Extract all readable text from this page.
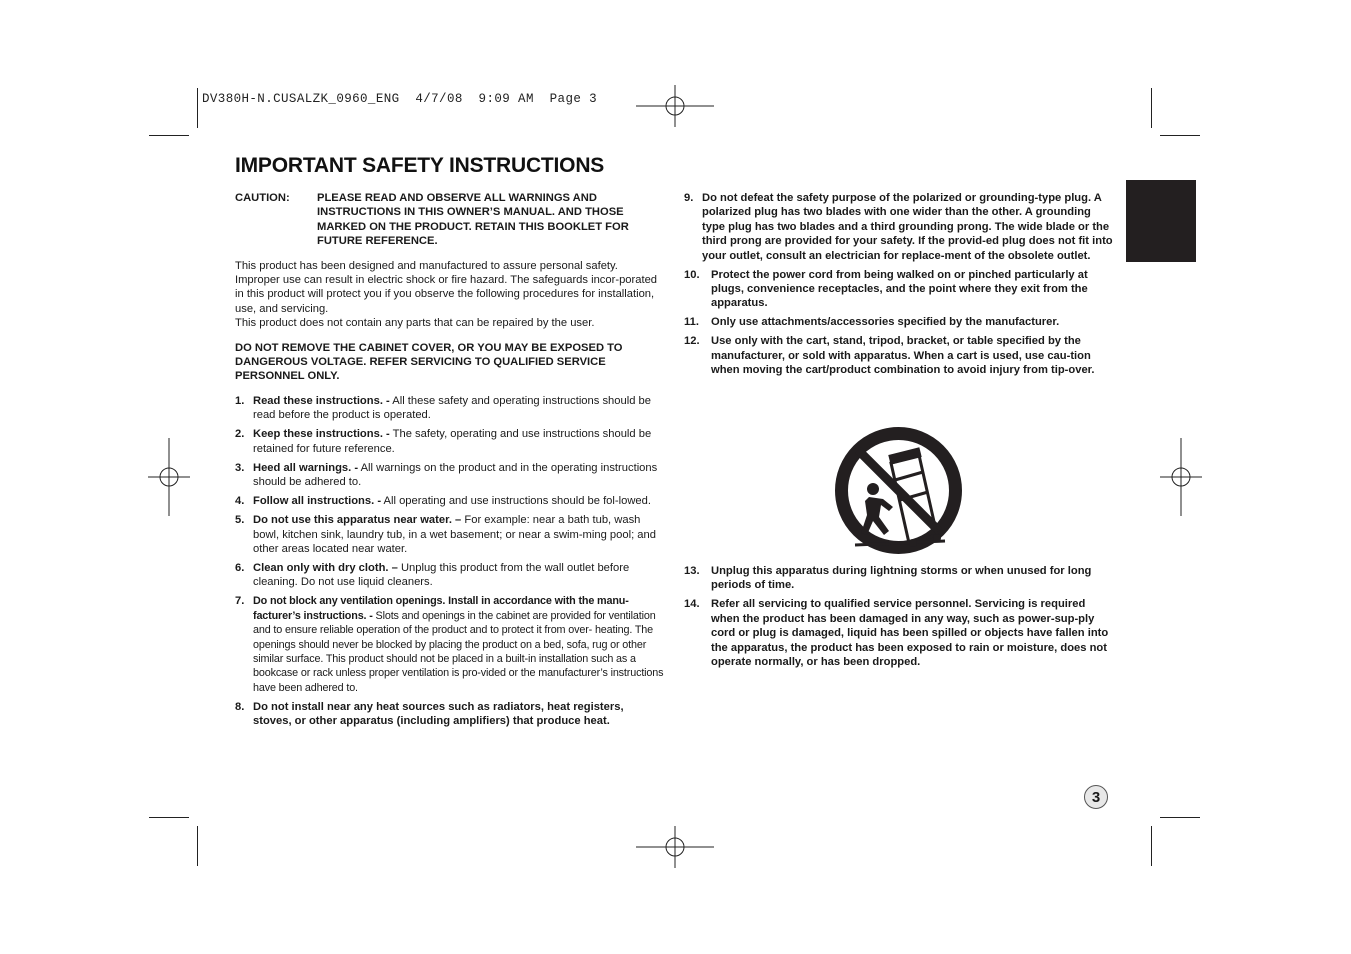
DV380H-N.CUSALZK_0960_ENG  4/7/08  9:09 AM  Page 3
IMPORTANT SAFETY INSTRUCTIONS
CAUTION:	PLEASE READ AND OBSERVE ALL WARNINGS AND INSTRUCTIONS IN THIS OWNER’S MANUAL. AND THOSE MARKED ON THE PRODUCT. RETAIN THIS BOOKLET FOR FUTURE REFERENCE.

This product has been designed and manufactured to assure personal safety. Improper use can result in electric shock or fire hazard. The safeguards incor-porated in this product will protect you if you observe the following procedures for installation, use, and servicing.

This product does not contain any parts that can be repaired by the user.

DO NOT REMOVE THE CABINET COVER, OR YOU MAY BE EXPOSED TO DANGEROUS VOLTAGE. REFER SERVICING TO QUALIFIED SERVICE PERSONNEL ONLY.

1. Read these instructions. - All these safety and operating instructions should be read before the product is operated.
2. Keep these instructions. - The safety, operating and use instructions should be retained for future reference.
3. Heed all warnings. - All warnings on the product and in the operating instructions should be adhered to.
4. Follow all instructions. - All operating and use instructions should be fol-lowed.
5. Do not use this apparatus near water. – For example: near a bath tub, wash bowl, kitchen sink, laundry tub, in a wet basement; or near a swim-ming pool; and other areas located near water.
6. Clean only with dry cloth. – Unplug this product from the wall outlet before cleaning. Do not use liquid cleaners.
7. Do not block any ventilation openings. Install in accordance with the manu-facturer’s instructions. - Slots and openings in the cabinet are provided for ventilation and to ensure reliable operation of the product and to protect it from over- heating. The openings should never be blocked by placing the product on a bed, sofa, rug or other similar surface. This product should not be placed in a built-in installation such as a bookcase or rack unless proper ventilation is pro-vided or the manufacturer’s instructions have been adhered to.
8. Do not install near any heat sources such as radiators, heat registers, stoves, or other apparatus (including amplifiers) that produce heat.
9. Do not defeat the safety purpose of the polarized or grounding-type plug. A polarized plug has two blades with one wider than the other. A grounding type plug has two blades and a third grounding prong. The wide blade or the third prong are provided for your safety. If the provid-ed plug does not fit into your outlet, consult an electrician for replace-ment of the obsolete outlet.
10.	Protect the power cord from being walked on or pinched particularly at plugs, convenience receptacles, and the point where they exit from the apparatus.
11.	Only use attachments/accessories specified by the manufacturer.
12.	Use only with the cart, stand, tripod, bracket, or table specified by the manufacturer, or sold with apparatus. When a cart is used, use cau-tion when moving the cart/product combination to avoid injury from tip-over.
13.	Unplug this apparatus during lightning storms or when unused for long periods of time.
14.	Refer all servicing to qualified service personnel. Servicing is required when the product has been damaged in any way, such as power-sup-ply cord or plug is damaged, liquid has been spilled or objects have fallen into the apparatus, the product has been exposed to rain or moisture, does not operate normally, or has been dropped.
3
